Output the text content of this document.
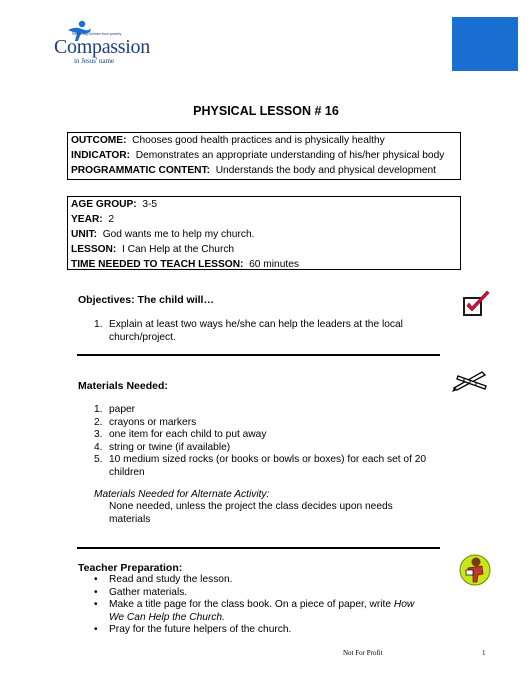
Releasing children from poverty
Compassion
in Jesus' name
PHYSICAL LESSON # 16
OUTCOME: Chooses good health practices and is physically healthy
INDICATOR: Demonstrates an appropriate understanding of his/her physical body
PROGRAMMATIC CONTENT: Understands the body and physical development
AGE GROUP: 3-5
YEAR: 2
UNIT: God wants me to help my church.
LESSON: I Can Help at the Church
TIME NEEDED TO TEACH LESSON: 60 minutes
Objectives: The child will…
1. Explain at least two ways he/she can help the leaders at the local
church/project.
Materials Needed:
1. paper
2. crayons or markers
3. one item for each child to put away
4. string or twine (if available)
5. 10 medium sized rocks (or books or bowls or boxes) for each set of 20
children
Materials Needed for Alternate Activity:
None needed, unless the project the class decides upon needs
materials
Teacher Preparation:
• Read and study the lesson.
• Gather materials.
• Make a title page for the class book. On a piece of paper, write How
We Can Help the Church.
• Pray for the future helpers of the church.
Not For Profit	1
